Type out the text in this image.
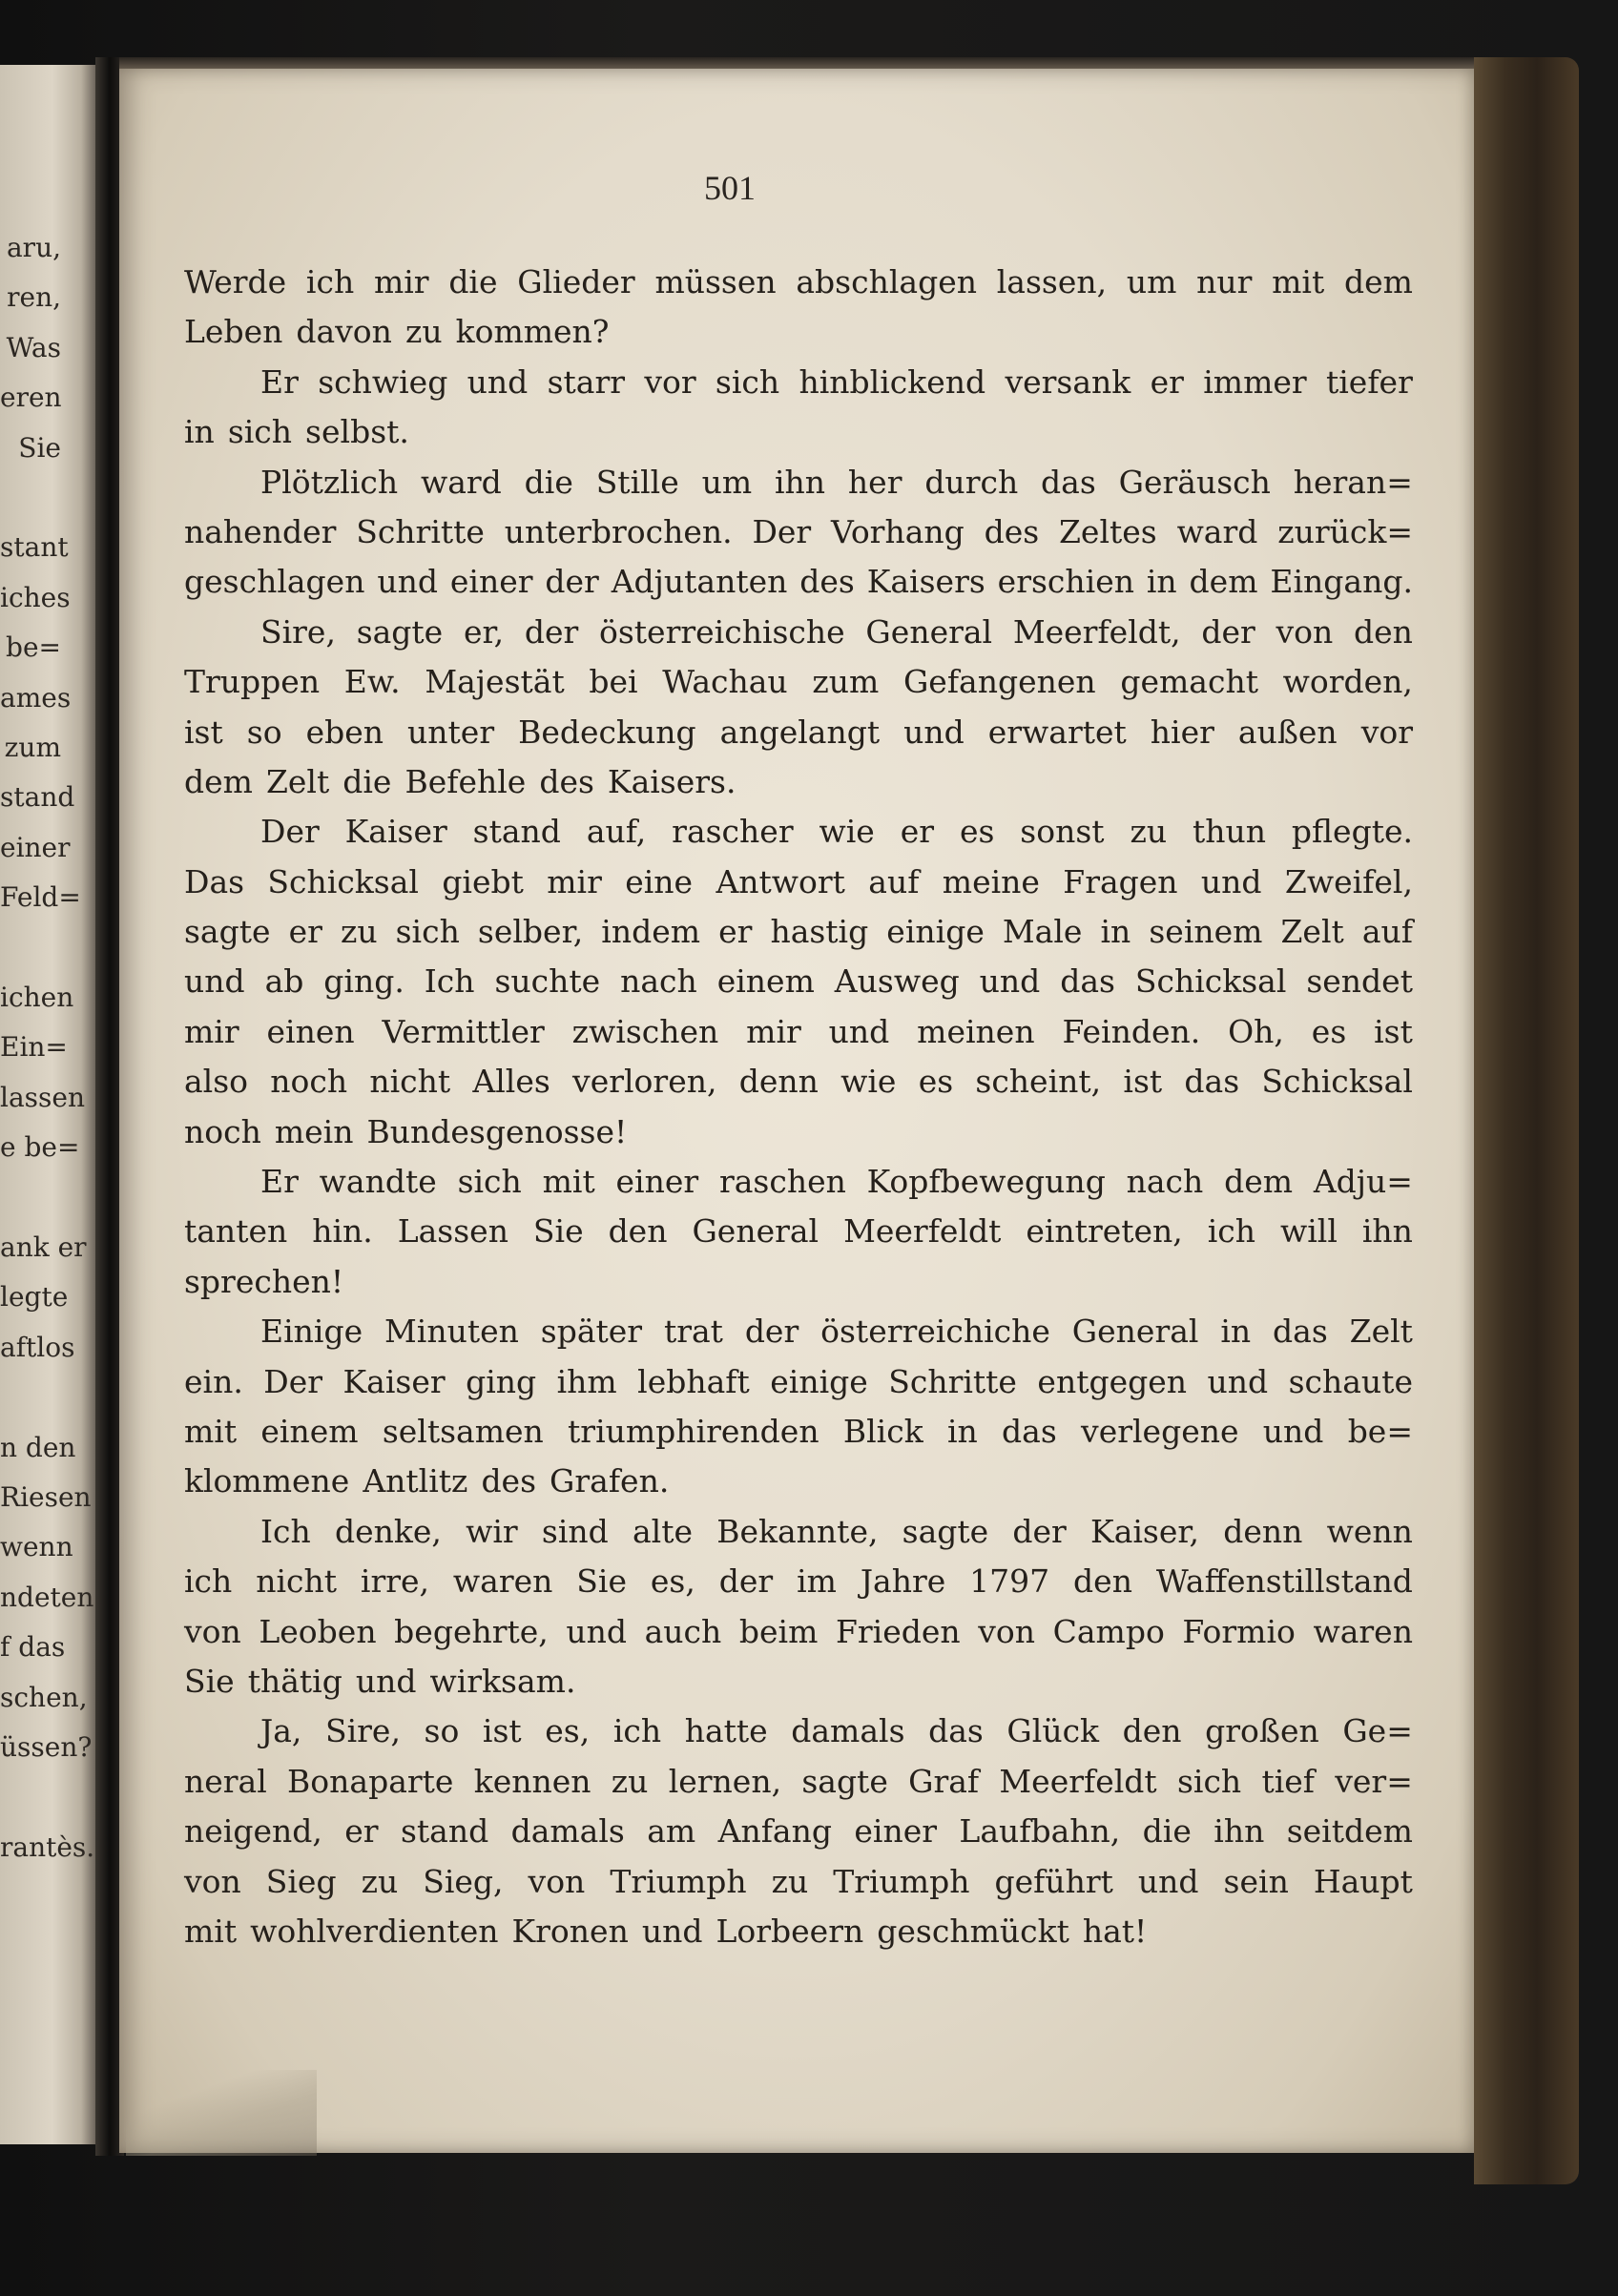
aru,
ren,
Was
eren
Sie
stant
iches
be=
ames
zum
stand
einer
Feld=
ichen
Ein=
lassen
e be=
ank er
legte
aftlos
n den
Riesen
wenn
ndeten
f das
schen,
üssen?
rantès.
501
Werde ich mir die Glieder müssen abschlagen lassen, um nur mit dem
Leben davon zu kommen?
Er schwieg und starr vor sich hinblickend versank er immer tiefer
in sich selbst.
Plötzlich ward die Stille um ihn her durch das Geräusch heran=
nahender Schritte unterbrochen. Der Vorhang des Zeltes ward zurück=
geschlagen und einer der Adjutanten des Kaisers erschien in dem Eingang.
Sire, sagte er, der österreichische General Meerfeldt, der von den
Truppen Ew. Majestät bei Wachau zum Gefangenen gemacht worden,
ist so eben unter Bedeckung angelangt und erwartet hier außen vor
dem Zelt die Befehle des Kaisers.
Der Kaiser stand auf, rascher wie er es sonst zu thun pflegte.
Das Schicksal giebt mir eine Antwort auf meine Fragen und Zweifel,
sagte er zu sich selber, indem er hastig einige Male in seinem Zelt auf
und ab ging. Ich suchte nach einem Ausweg und das Schicksal sendet
mir einen Vermittler zwischen mir und meinen Feinden. Oh, es ist
also noch nicht Alles verloren, denn wie es scheint, ist das Schicksal
noch mein Bundesgenosse!
Er wandte sich mit einer raschen Kopfbewegung nach dem Adju=
tanten hin. Lassen Sie den General Meerfeldt eintreten, ich will ihn
sprechen!
Einige Minuten später trat der österreichiche General in das Zelt
ein. Der Kaiser ging ihm lebhaft einige Schritte entgegen und schaute
mit einem seltsamen triumphirenden Blick in das verlegene und be=
klommene Antlitz des Grafen.
Ich denke, wir sind alte Bekannte, sagte der Kaiser, denn wenn
ich nicht irre, waren Sie es, der im Jahre 1797 den Waffenstillstand
von Leoben begehrte, und auch beim Frieden von Campo Formio waren
Sie thätig und wirksam.
Ja, Sire, so ist es, ich hatte damals das Glück den großen Ge=
neral Bonaparte kennen zu lernen, sagte Graf Meerfeldt sich tief ver=
neigend, er stand damals am Anfang einer Laufbahn, die ihn seitdem
von Sieg zu Sieg, von Triumph zu Triumph geführt und sein Haupt
mit wohlverdienten Kronen und Lorbeern geschmückt hat!
